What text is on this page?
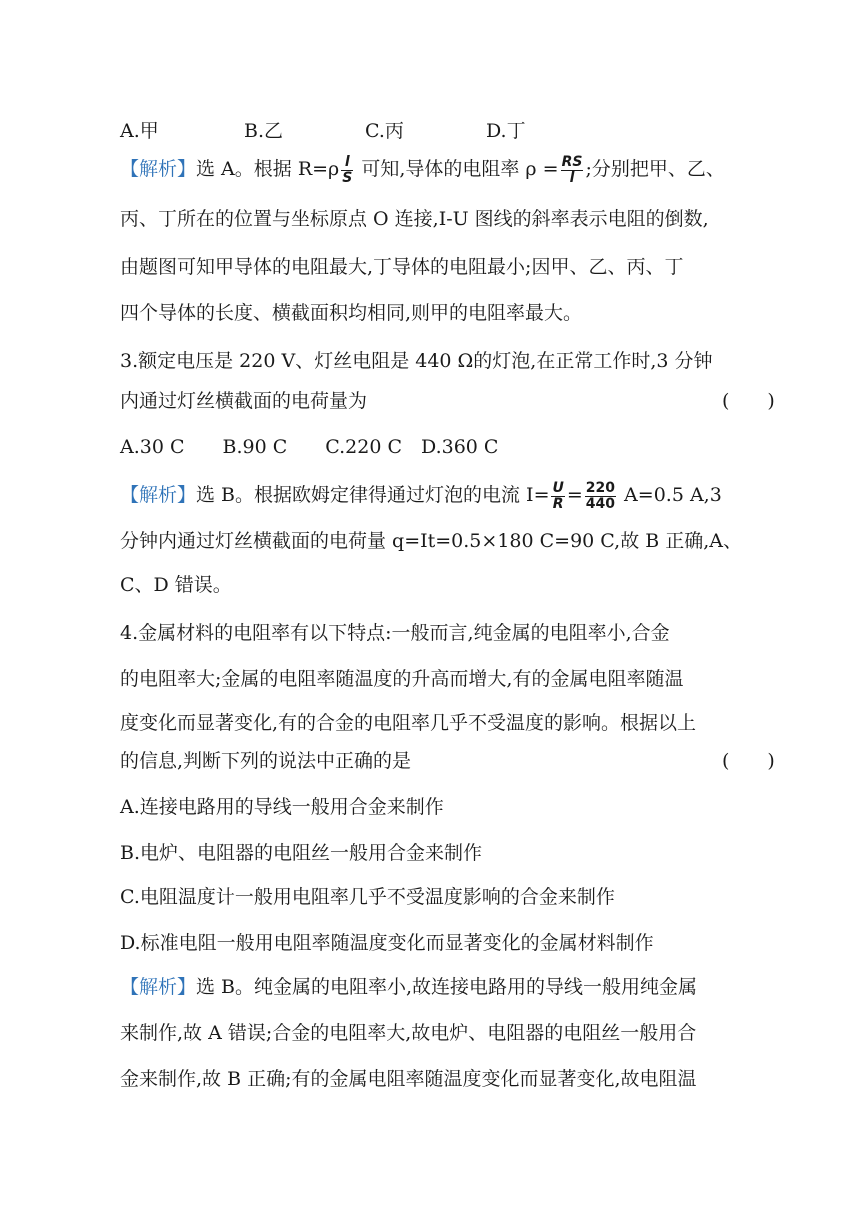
A.甲	B.乙	C.丙	D.丁
【解析】选 A。根据 $R=\rho \frac{l}{S}$ 可知,导体的电阻率 $\rho = \frac{RS}{l}$ ;分别把甲、乙、
丙、丁所在的位置与坐标原点 O 连接,I-U 图线的斜率表示电阻的倒数,
由题图可知甲导体的电阻最大,丁导体的电阻最小;因甲、乙、丙、丁
四个导体的长度、横截面积均相同,则甲的电阻率最大。
3.额定电压是 220 V、灯丝电阻是 440 Ω的灯泡,在正常工作时,3 分钟
内通过灯丝横截面的电荷量为	(　　)
A.30 C　　B.90 C　　C.220 C　D.360 C
【解析】选 B。根据欧姆定律得通过灯泡的电流 $I= \frac{U}{R} = \frac{220}{440} A=0.5$ A,3
分钟内通过灯丝横截面的电荷量 q=It=0.5×180 C=90 C,故 B 正确,A、
C、D 错误。
4.金属材料的电阻率有以下特点:一般而言,纯金属的电阻率小,合金
的电阻率大;金属的电阻率随温度的升高而增大,有的金属电阻率随温
度变化而显著变化,有的合金的电阻率几乎不受温度的影响。根据以上
的信息,判断下列的说法中正确的是	(　　)
A.连接电路用的导线一般用合金来制作
B.电炉、电阻器的电阻丝一般用合金来制作
C.电阻温度计一般用电阻率几乎不受温度影响的合金来制作
D.标准电阻一般用电阻率随温度变化而显著变化的金属材料制作
【解析】选 B。纯金属的电阻率小,故连接电路用的导线一般用纯金属
来制作,故 A 错误;合金的电阻率大,故电炉、电阻器的电阻丝一般用合
金来制作,故 B 正确;有的金属电阻率随温度变化而显著变化,故电阻温
